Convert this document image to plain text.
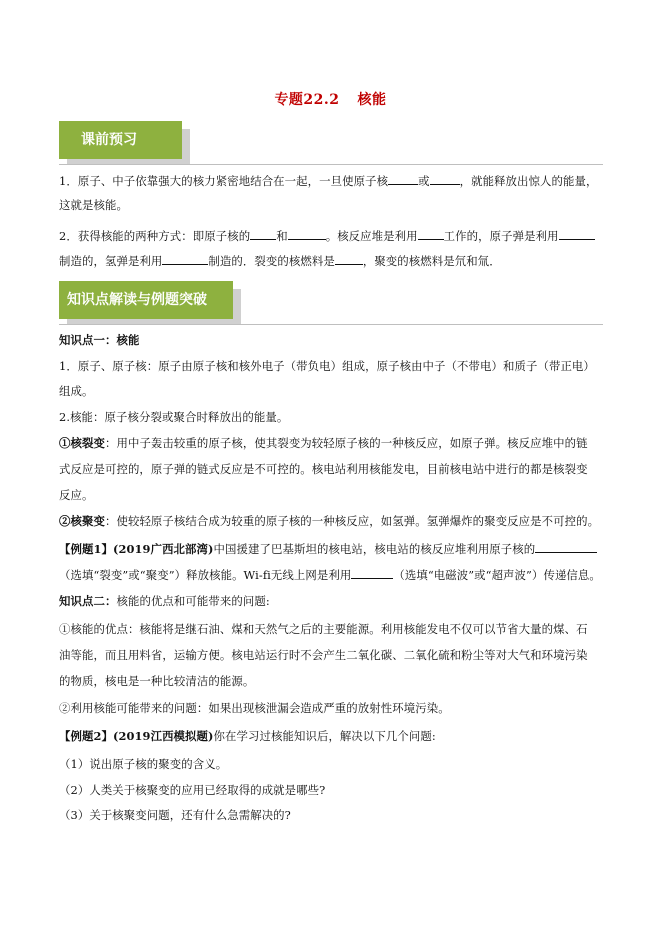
专题22.2 核能
课前预习
1．原子、中子依靠强大的核力紧密地结合在一起，一旦使原子核	或	，就能释放出惊人的能量，
这就是核能。
2．获得核能的两种方式：即原子核的 和	。核反应堆是利用 工作的，原子弹是利用
制造的，氢弹是利用	制造的．裂变的核燃料是 ，聚变的核燃料是氘和氚．
知识点解读与例题突破
知识点一：核能
1．原子、原子核：原子由原子核和核外电子（带负电）组成，原子核由中子（不带电）和质子（带正电）
组成。
2.核能：原子核分裂或聚合时释放出的能量。
①核裂变：用中子轰击较重的原子核，使其裂变为较轻原子核的一种核反应，如原子弹。核反应堆中的链
式反应是可控的，原子弹的链式反应是不可控的。核电站利用核能发电，目前核电站中进行的都是核裂变
反应。
②核聚变：使较轻原子核结合成为较重的原子核的一种核反应，如氢弹。氢弹爆炸的聚变反应是不可控的。
【例题1】(2019广西北部湾)中国援建了巴基斯坦的核电站，核电站的核反应堆利用原子核的
（选填“裂变”或“聚变”）释放核能。Wi-fi无线上网是利用	（选填“电磁波”或“超声波”）传递信息。
知识点二：核能的优点和可能带来的问题:
①核能的优点：核能将是继石油、煤和天然气之后的主要能源。利用核能发电不仅可以节省大量的煤、石
油等能，而且用料省，运输方便。核电站运行时不会产生二氧化碳、二氧化硫和粉尘等对大气和环境污染
的物质，核电是一种比较清洁的能源。
②利用核能可能带来的问题：如果出现核泄漏会造成严重的放射性环境污染。
【例题2】(2019江西模拟题)你在学习过核能知识后，解决以下几个问题:
（1）说出原子核的聚变的含义。
（2）人类关于核聚变的应用已经取得的成就是哪些?
（3）关于核聚变问题，还有什么急需解决的?
